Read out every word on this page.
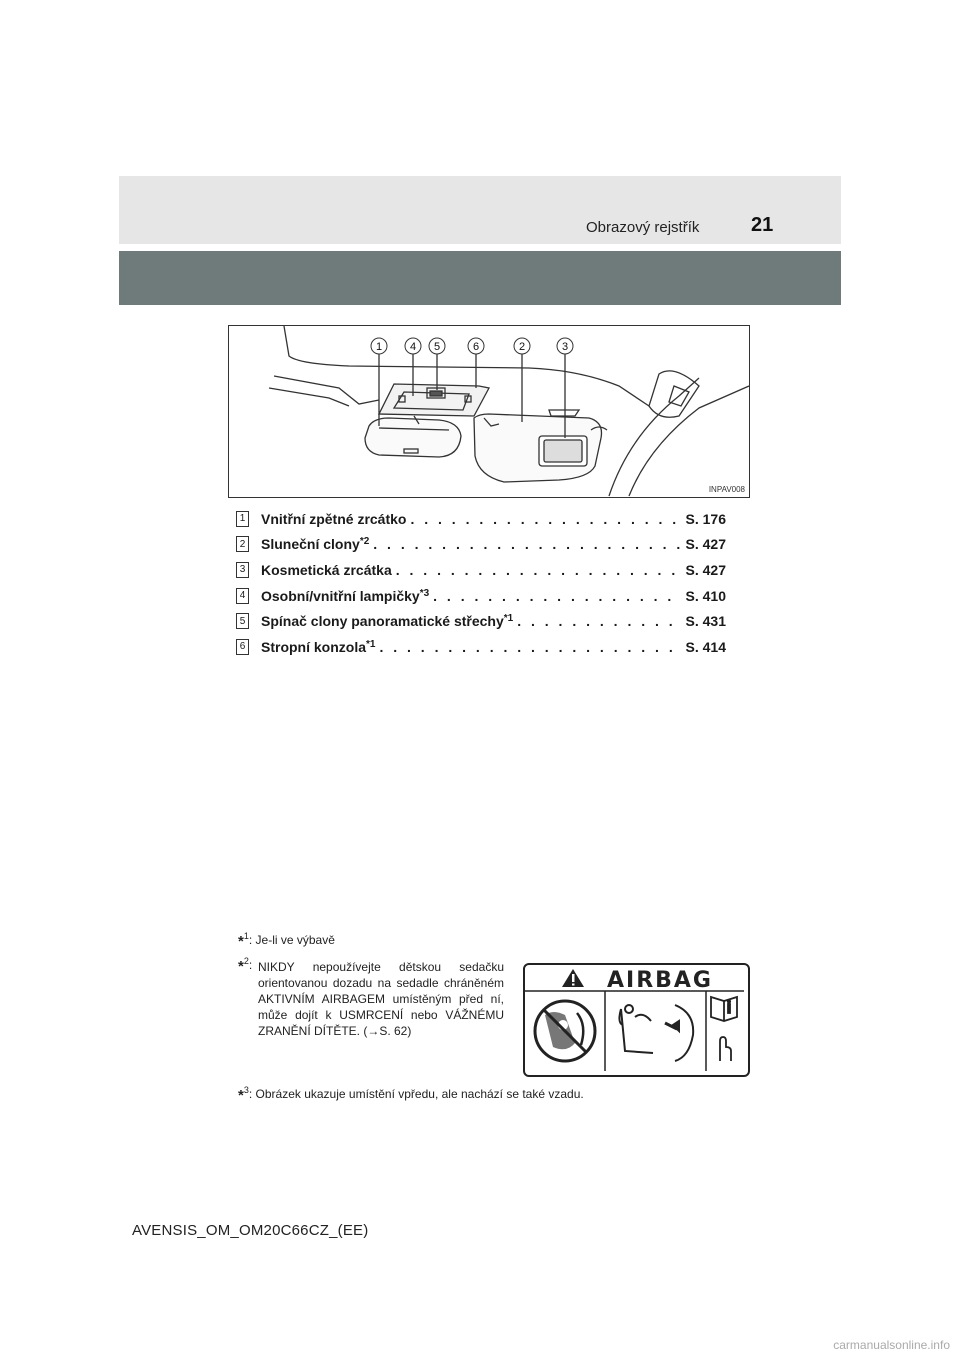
Obrazový rejstřík	21
1	4 5	6	2	3
INPAV008
1 Vnitřní zpětné zrcátko . . .	S. 176
2 Sluneční clony$^{*2}$ . . .	S. 427
3 Kosmetická zrcátka . . .	S. 427
4 Osobní/vnitřní lampičky$^{*3}$ . . .	S. 410
5 Spínač clony panoramatické střechy$^{*1}$ . . .	S. 431
6 Stropní konzola$^{*1}$ . . .	S. 414
*$^1$: Je-li ve výbavě
*$^2$: NIKDY nepoužívejte dětskou sedačku orientovanou dozadu na sedadle chráněném AKTIVNÍM AIRBAGEM umístěným před ní, může dojít k USMRCENÍ nebo VÁŽNÉMU ZRANĚNÍ DÍTĚTE. (→S. 62)
AIRBAG
*$^3$: Obrázek ukazuje umístění vpředu, ale nachází se také vzadu.
AVENSIS_OM_OM20C66CZ_(EE)
carmanualsonline.info
